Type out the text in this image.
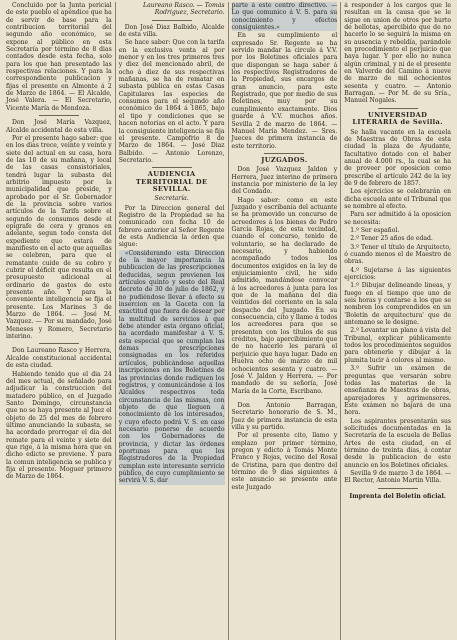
Concluido por la Junta pericial de este pueblo el apéndice que ha de servir de base para la contribucion territorial del segundo año económico, se expone al público en esta Secretaría por término de 8 dias contados desde esta fecha, solo para los que han presentado las respectivas relaciones. Y para la correspondiente publicacion y fijas el presente en Almonte á 2 de Marzo de 1864. — El Alcalde, José Valera. — El Secretario, Vicente María de Mendoza.

Don José María Vazquez, Alcalde accidental de esta villa.

Por el presente hago saber: que en los dias trece, veinte y veinte y siete del actual en su casa, hora de las 10 de su mañana, y local de las casas consistoriales, tendrá lugar la subasta del arbitrio impuesto por la municipalidad que preside, y aprobado por el Sr. Gobernador de la provincia sobre varios artículos de la Tarifa sobre el segundo de consumos desde el epígrafe de cera y granos en adelante, segun todo consta del expediente que estará de manifiesto en el acto que aquellas se celebren, para que el rematante cuide de su cobro y cubrir el déficit que resulta en el presupuesto adicional al ordinario de gastos de este presente año. Y para la conveniente inteligencia se fija el presente. Los Marines 3 de Marzo de 1864. — José M. Vazquez. — Por su mandado, José Meneses y Romero, Secretario interino.

Don Laureano Rasco y Herrera, Alcalde constitucional accidental de esta ciudad.

Habiendo tenido que el dia 24 del mes actual, de señalado para adjudicar la construccion del matadero público, en el Juzgado Santo Domingo, circunstancia que no se haya presente al Juez el objeto de 25 del mes de febrero último anunciando la subasta, se ha acordado prorrogar el dia del remate para el veinte y siete del que rige, á la misma hora que en dicho edicto se previene. Y para la comun inteligencia se publica y fija el presente. Moguer primero de Marzo de 1864.

Laureano Rasco. — Tomás Rodriguez, Secretario.

Don José Diaz Balbido, Alcalde de esta villa.

Se hace saber: Que con la tarifa en la exclusiva venta al por menor y en los tres primeros tres y diez del mencionado abril, de ocho á diez de sus respectivas mañanas, se ha de rematar en subasta pública en estas Casas Capitulares las especies de consumos para el segundo año económico de 1864 á 1865, bajo el tipo y condiciones que se hacen notorias en el acto. Y para la consiguiente inteligencia se fija el presente. Campofrio 8 de Marzo de 1864. — José Diaz Balbido. — Antonio Lorenzo, Secretario.

AUDIENCIA TERRITORIAL DE SEVILLA.
Secretaría.

Por la Direccion general del Registro de la Propiedad se ha comunicado con fecha 10 de febrero anterior al Señor Regente de esta Audiencia la órden que sigue:

«Considerando esta Direccion de la mayor importancia la publicacion de las prescripciones deducidas, segun previenen los artículos quinto y sesto del Real decreto de 30 de julio de 1862, y no pudiéndose llevar á efecto su insercion en la Gaceta con la exactitud que fuera de desear por la multitud de servicios á que debe atender esta órgano oficial, ha acordado manifestar á V. S. esta especial que se cumplan las demas prescripciones consignadas en los referidos artículos, publicándose aquellas inscripciones en los Boletines de las provincias donde radiquen los registros, y comunicándose á los Alcaldes respectivos toda circunstancia de las mismas, con objeto de que lleguen á conocimiento de los interesados, y cuyo efecto podrá V. S. en caso necesario ponerse de acuerdo con los Gobernadores de provincia, y dictar las órdenes oportunas para que los Registradores de la Propiedad cumplan este interesante servicio público, de cuyo cumplimiento se servirá V. S. dar

parte á este centro directivo. — Lo que comunico á V. S. para su conocimiento y efectos consiguientes.»

En su cumplimiento el expresado Sr. Regente se ha servido mandar la circule á V.V. por los Boletines oficiales para que dispongan se haga saber á los respectivos Registradores de la Propiedad, sus encargos de gran anuncio, para este Registrado, que por medio de sus Boletines, muy por su cumplimiento exactamente. Dios guarde á V.V. muchos años. Sevilla 2 de marzo de 1864. — Manuel María Mendez. — Sres. Jueces de primera instancia de este territorio.

JUZGADOS.

Don José Vazquez Jaldon y Herrera, Juez interino de primera instancia por ministerio de la ley del Condado.

Hago saber: como en este Juzgado y escribanía del actuante se ha promovido un concurso de acreedores á los bienes de Pedro García Rojas, de esta vecindad, cuando el concurso, tenido de voluntario, se ha declarado de necesario, y habiendo acompañado todos los documentos exigidos en la ley de enjuiciamiento civil, he sido admitido, mandándose convocar á los acreedores á junta para los que de la mañana del dia veintidos del corriente en la sala despacho del Juzgado. En su consecuencia, cito y llamo á todos los acreedores para que se presenten con los títulos de sus créditos, bajo apercibimiento que de no hacerlo les parará el perjuicio que haya lugar. Dado en Huelva ocho de marzo de mil ochocientos sesenta y cuatro. — José V. Jaldon y Herrera. — Por mandado de su señoría, José María de la Corte, Escribano.

Don Antonio Barragan, Secretario honorario de S. M., Juez de primera instancia de esta villa y su partido.

Por el presente cito, llamo y emplazo por primer término, pregon y edicto á Tomás Monte Franco y Rojas, vecino del Rosal de Cristina, para que dentro del término de 9 dias siguientes á este anuncio se presente ante este Juzgado

á responder á los cargos que le resultan en la causa que se le sigue en union de otros por hurto de bellotas, apercibido que de no hacerlo lo se seguirá la misma en su ausencia y rebeldía, parándole en procedimiento el perjuicio que haya lugar. Y por ello no nunca algún criminal, y ni de el presente en Valverde del Camino á nueve de marzo de mil ochocientos sesenta y cuatro. — Antonio Barragan. — Por M. de su Sría., Manuel Nogales.

UNIVERSIDAD LITERARIA de Sevilla.

Se halla vacante en la escuela de Maestras de Obras de esta ciudad la plaza de Ayudante, facultativo dotado con el haber anual de 4.000 rs., la cual se ha de proveer por oposicion como prescribe el artículo 242 de la ley de 9 de febrero de 1857.

Los ejercicios se celebrarán en dicha escuela ante el Tribunal que se nombre al efecto.

Para ser admitido á la oposicion se necesita:

1.º Ser español.

2.º Tener 25 años de edad.

3.º Tener el título de Arquitecto, ó cuando menos el de Maestro de obras.

4.º Sujetarse á las siguientes ejercicios:

1.º Dibujar delineando lineas, y fuego en el tiempo que uno de seis horas y contarse a los que se nombren los comprendidos en un 'Boletín de arquitectura' que de antemano se le designe.

2.º Levantar un plano á vista del Tribunal, explicar públicamente todos los procedimientos seguidos para obtenerle y dibujar á la plumita lucir á colores al mismo.

3.º Sufrir un exámen de preguntas que versarán sobre todas las materias de la enseñanza de Maestras de obras, aparejadores y agrimensores. Este exámen no bajará de una hora.

Los aspirantes presentarán sus solicitudes documentadas en la Secretaría de la escuela de Bellas Artes de esta ciudad, en el término de treinta dias, á contar desde la publicacion de este anuncio en los Boletines oficiales.

Sevilla 9 de marzo 3 de 1864. — El Rector, Antonio Martin Villa.

Imprenta del Boletin oficial.
